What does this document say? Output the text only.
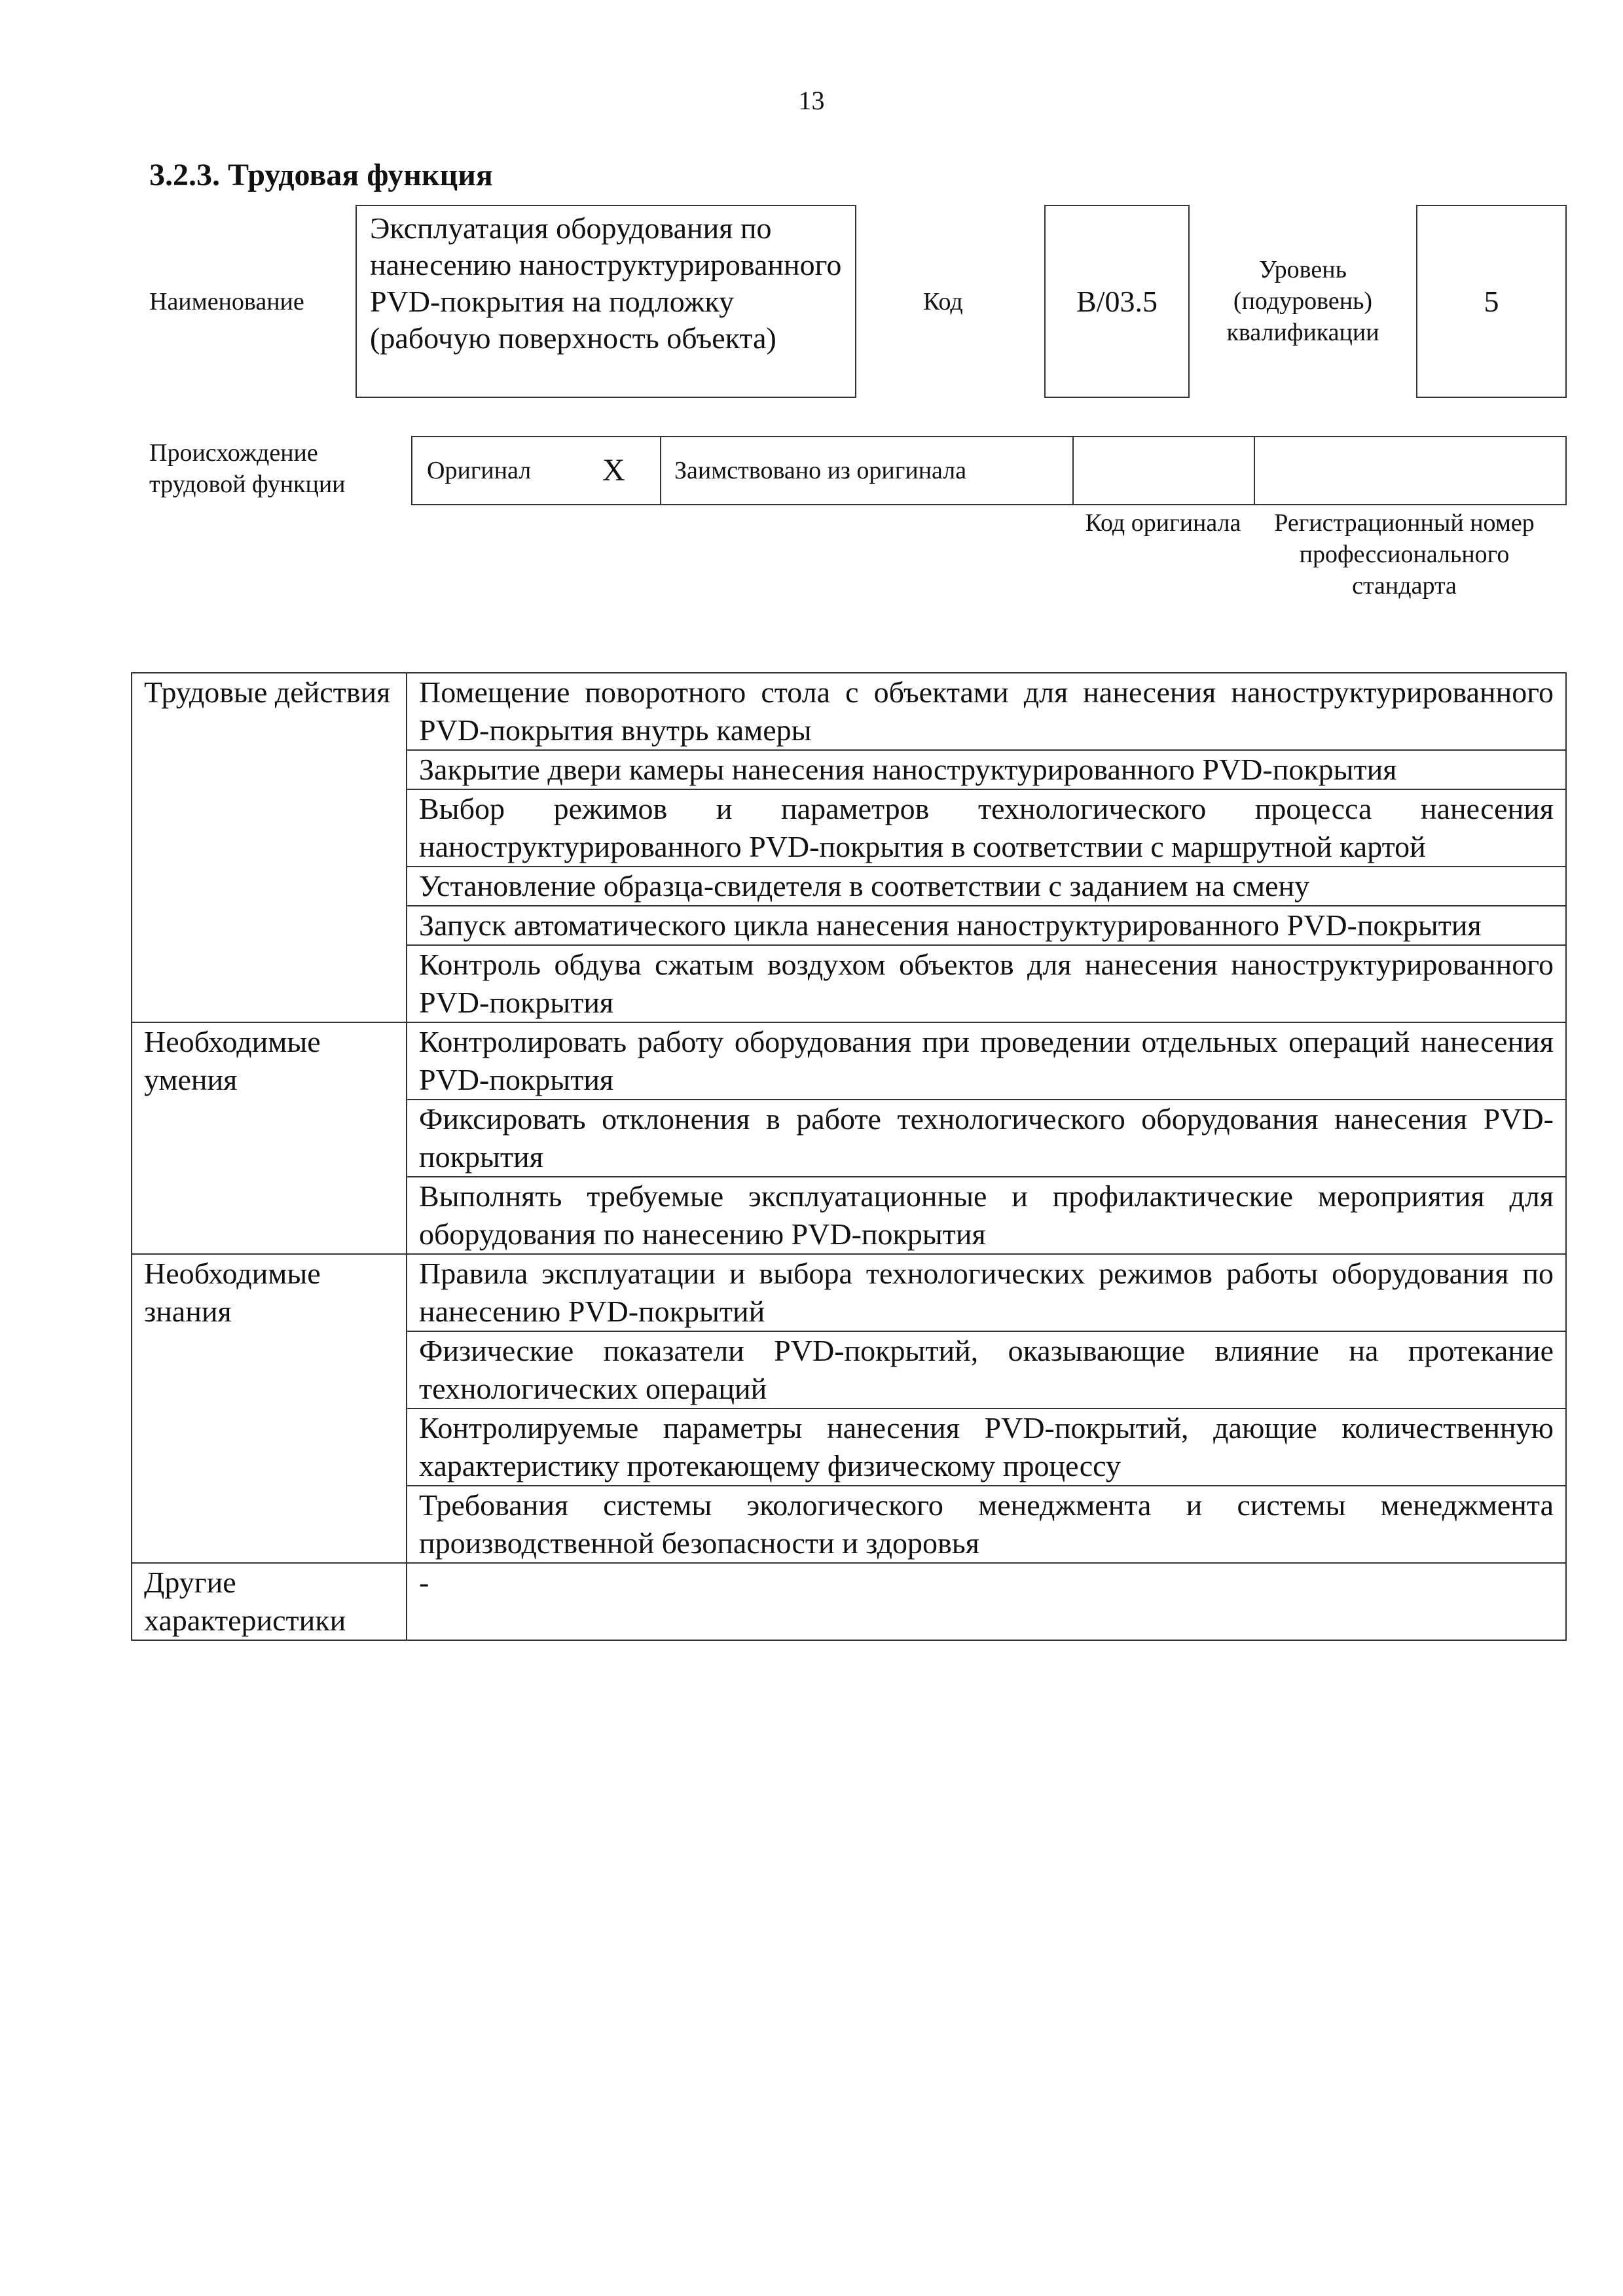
13
3.2.3. Трудовая функция
Наименование
Эксплуатация оборудования по нанесению наноструктурированного PVD-покрытия на подложку (рабочую поверхность объекта)
Код	B/03.5
Уровень (подуровень) квалификации
5
Происхождение трудовой функции	Оригинал X Заимствовано из оригинала
Код оригинала	Регистрационный номер профессионального стандарта
Трудовые действия	Помещение поворотного стола с объектами для нанесения наноструктурированного PVD-покрытия внутрь камеры
	Закрытие двери камеры нанесения наноструктурированного PVD-покрытия
	Выбор режимов и параметров технологического процесса нанесения наноструктурированного PVD-покрытия в соответствии с маршрутной картой
	Установление образца-свидетеля в соответствии с заданием на смену
	Запуск автоматического цикла нанесения наноструктурированного PVD-покрытия
	Контроль обдува сжатым воздухом объектов для нанесения наноструктурированного PVD-покрытия
Необходимые умения	Контролировать работу оборудования при проведении отдельных операций нанесения PVD-покрытия
	Фиксировать отклонения в работе технологического оборудования нанесения PVD-покрытия
	Выполнять требуемые эксплуатационные и профилактические мероприятия для оборудования по нанесению PVD-покрытия
Необходимые знания	Правила эксплуатации и выбора технологических режимов работы оборудования по нанесению PVD-покрытий
	Физические показатели PVD-покрытий, оказывающие влияние на протекание технологических операций
	Контролируемые параметры нанесения PVD-покрытий, дающие количественную характеристику протекающему физическому процессу
	Требования системы экологического менеджмента и системы менеджмента производственной безопасности и здоровья
Другие характеристики	-
